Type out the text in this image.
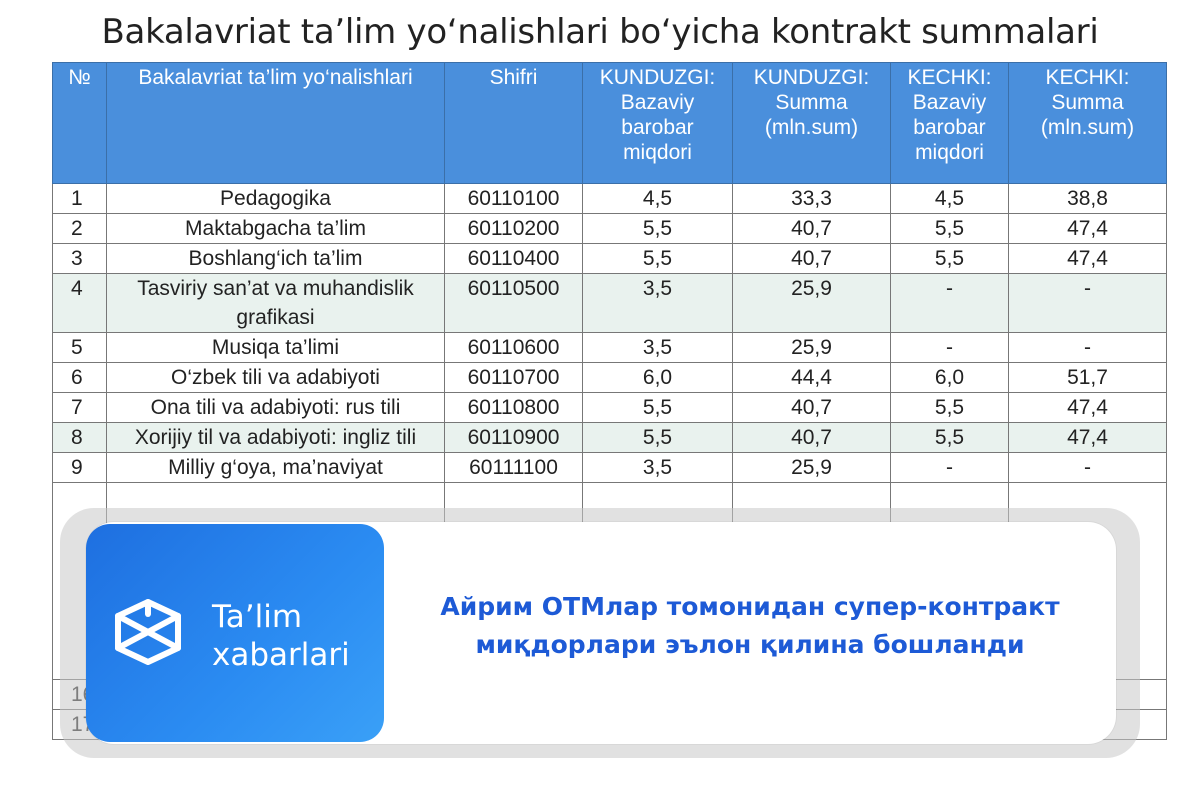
Bakalavriat ta’lim yo‘nalishlari bo‘yicha kontrakt summalari
№	Bakalavriat ta’lim yo‘nalishlari	Shifri	KUNDUZGI: Bazaviy barobar miqdori	KUNDUZGI: Summa (mln.sum)	KECHKI: Bazaviy barobar miqdori	KECHKI: Summa (mln.sum)
1	Pedagogika	60110100	4,5	33,3	4,5	38,8
2	Maktabgacha ta’lim	60110200	5,5	40,7	5,5	47,4
3	Boshlang‘ich ta’lim	60110400	5,5	40,7	5,5	47,4
4	Tasviriy san’at va muhandislik grafikasi	60110500	3,5	25,9	-	-
5	Musiqa ta’limi	60110600	3,5	25,9	-	-
6	O‘zbek tili va adabiyoti	60110700	6,0	44,4	6,0	51,7
7	Ona tili va adabiyoti: rus tili	60110800	5,5	40,7	5,5	47,4
8	Xorijiy til va adabiyoti: ingliz tili	60110900	5,5	40,7	5,5	47,4
9	Milliy g‘oya, ma’naviyat	60111100	3,5	25,9	-	-

Ta’lim
xabarlari
Айрим ОТМлар томонидан супер-контракт
миқдорлари эълон қилина бошланди
